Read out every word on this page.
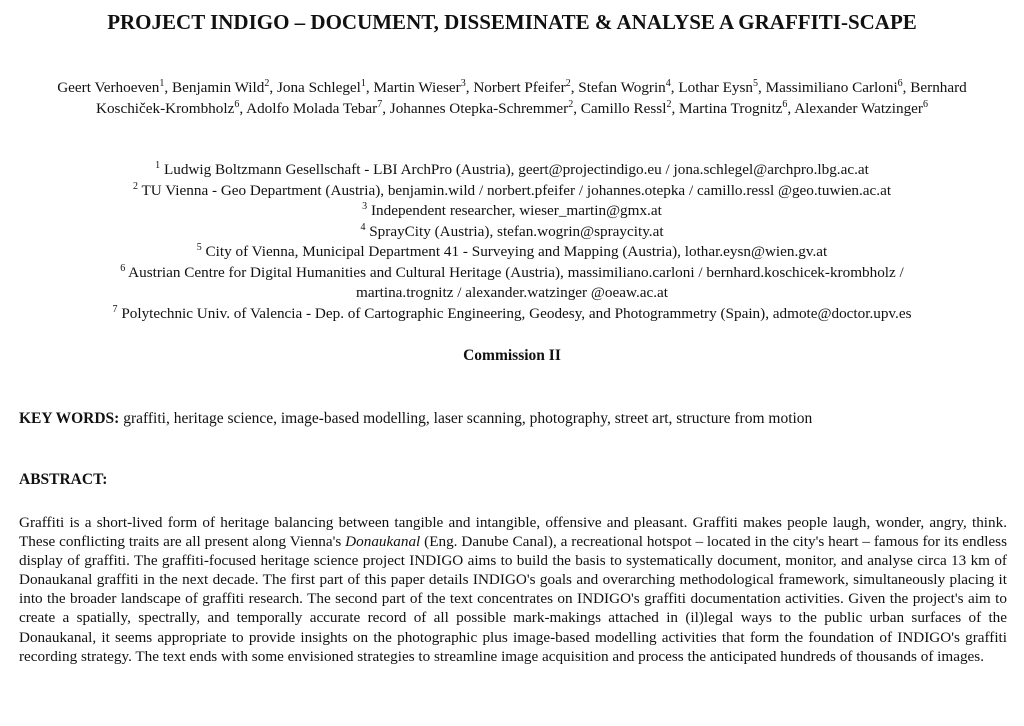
PROJECT INDIGO – DOCUMENT, DISSEMINATE & ANALYSE A GRAFFITI-SCAPE
Geert Verhoeven$^1$, Benjamin Wild$^2$, Jona Schlegel$^1$, Martin Wieser$^3$, Norbert Pfeifer$^2$, Stefan Wogrin$^4$, Lothar Eysn$^5$, Massimiliano Carloni$^6$, Bernhard Koschiček-Krombholz$^6$, Adolfo Molada Tebar$^7$, Johannes Otepka-Schremmer$^2$, Camillo Ressl$^2$, Martina Trognitz$^6$, Alexander Watzinger$^6$
$^1$ Ludwig Boltzmann Gesellschaft - LBI ArchPro (Austria), geert@projectindigo.eu / jona.schlegel@archpro.lbg.ac.at
$^2$ TU Vienna - Geo Department (Austria), benjamin.wild / norbert.pfeifer / johannes.otepka / camillo.ressl @geo.tuwien.ac.at
$^3$ Independent researcher, wieser_martin@gmx.at
$^4$ SprayCity (Austria), stefan.wogrin@spraycity.at
$^5$ City of Vienna, Municipal Department 41 - Surveying and Mapping (Austria), lothar.eysn@wien.gv.at
$^6$ Austrian Centre for Digital Humanities and Cultural Heritage (Austria), massimiliano.carloni / bernhard.koschicek-krombholz /
martina.trognitz / alexander.watzinger @oeaw.ac.at
$^7$ Polytechnic Univ. of Valencia - Dep. of Cartographic Engineering, Geodesy, and Photogrammetry (Spain), admote@doctor.upv.es
Commission II
KEY WORDS: graffiti, heritage science, image-based modelling, laser scanning, photography, street art, structure from motion
ABSTRACT:
Graffiti is a short-lived form of heritage balancing between tangible and intangible, offensive and pleasant. Graffiti makes people laugh, wonder, angry, think. These conflicting traits are all present along Vienna's Donaukanal (Eng. Danube Canal), a recreational hotspot – located in the city's heart – famous for its endless display of graffiti. The graffiti-focused heritage science project INDIGO aims to build the basis to systematically document, monitor, and analyse circa 13 km of Donaukanal graffiti in the next decade. The first part of this paper details INDIGO's goals and overarching methodological framework, simultaneously placing it into the broader landscape of graffiti research. The second part of the text concentrates on INDIGO's graffiti documentation activities. Given the project's aim to create a spatially, spectrally, and temporally accurate record of all possible mark-makings attached in (il)legal ways to the public urban surfaces of the Donaukanal, it seems appropriate to provide insights on the photographic plus image-based modelling activities that form the foundation of INDIGO's graffiti recording strategy. The text ends with some envisioned strategies to streamline image acquisition and process the anticipated hundreds of thousands of images.
